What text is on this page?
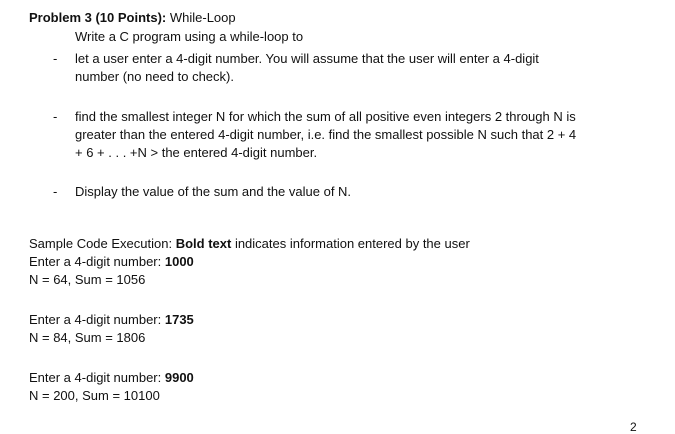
Problem 3 (10 Points): While-Loop
Write a C program using a while-loop to
- let a user enter a 4-digit number. You will assume that the user will enter a 4-digit
number (no need to check).
- find the smallest integer N for which the sum of all positive even integers 2 through N is
greater than the entered 4-digit number, i.e. find the smallest possible N such that 2 + 4
+ 6 + . . . +N > the entered 4-digit number.
- Display the value of the sum and the value of N.
Sample Code Execution: Bold text indicates information entered by the user
Enter a 4-digit number: 1000
N = 64, Sum = 1056
Enter a 4-digit number: 1735
N = 84, Sum = 1806
Enter a 4-digit number: 9900
N = 200, Sum = 10100
2
